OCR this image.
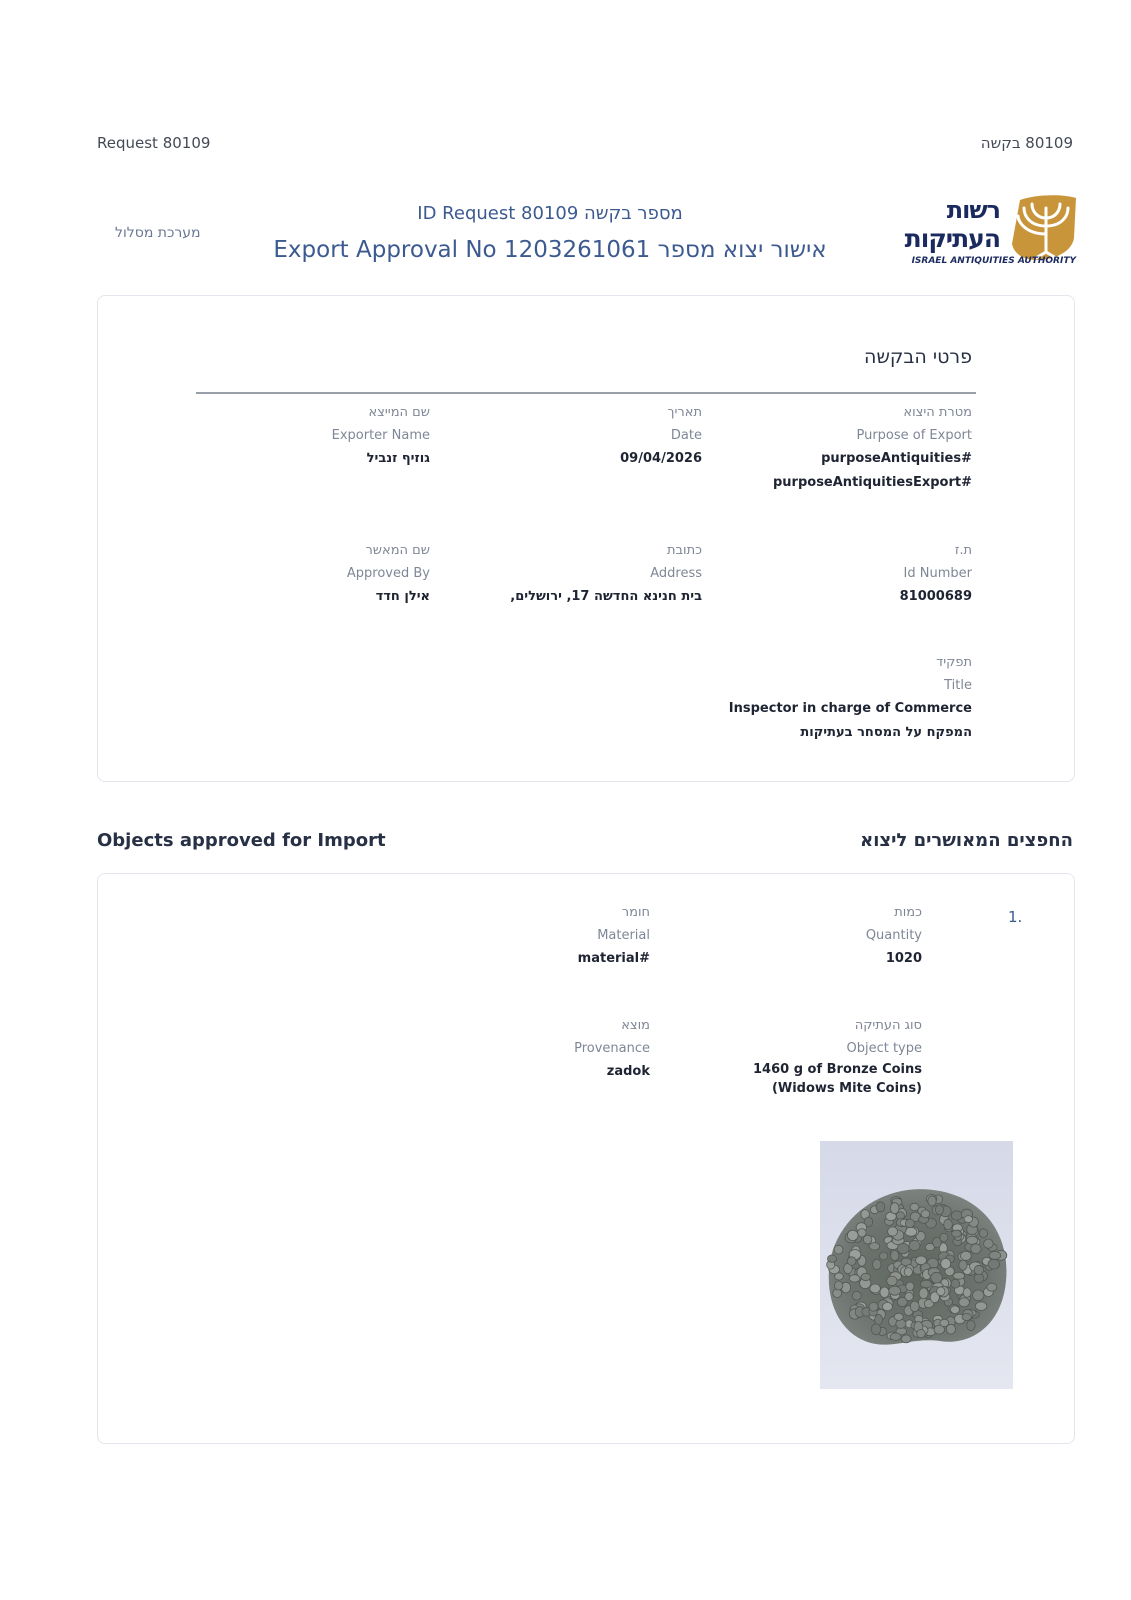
Request 80109	80109 בקשה
מערכת מסלול
ID Request 80109 מספר בקשה
Export Approval No 1203261061 אישור יצוא מספר
רשות
העתיקות
ISRAEL ANTIQUITIES AUTHORITY
פרטי הבקשה
מטרת היצוא
Purpose of Export
purposeAntiquities#
purposeAntiquitiesExport#
תאריך
Date
09/04/2026
שם המייצא
Exporter Name
גוזיף זנביל
ת.ז
Id Number
81000689
כתובת
Address
בית חנינא החדשה 17, ירושלים,
שם המאשר
Approved By
אילן חדד
תפקיד
Title
Inspector in charge of Commerce
המפקח על המסחר בעתיקות
Objects approved for Import	החפצים המאושרים ליצוא
1.
כמות
Quantity
1020
חומר
Material
material#
סוג העתיקה
Object type
1460 g of Bronze Coins
(Widows Mite Coins)
מוצא
Provenance
zadok
